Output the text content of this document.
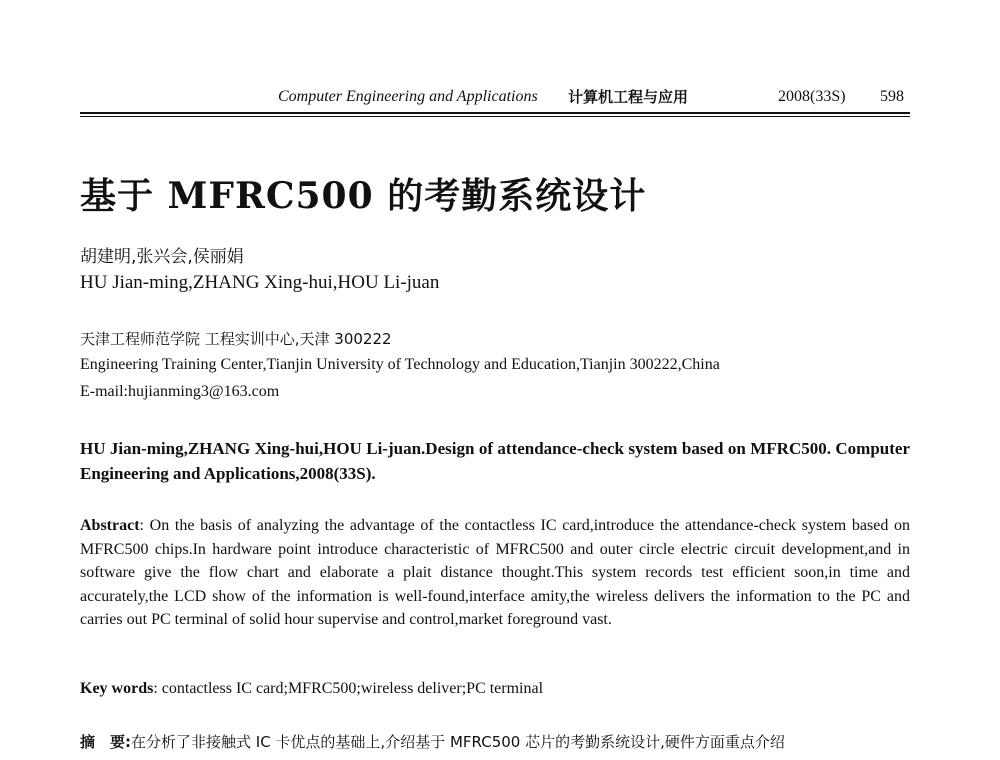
Computer Engineering and Applications 计算机工程与应用	2008(33S) 598
基于 MFRC500 的考勤系统设计
胡建明,张兴会,侯丽娟
HU Jian-ming,ZHANG Xing-hui,HOU Li-juan
天津工程师范学院 工程实训中心,天津 300222
Engineering Training Center,Tianjin University of Technology and Education,Tianjin 300222,China
E-mail:hujianming3@163.com
HU Jian-ming,ZHANG Xing-hui,HOU Li-juan.Design of attendance-check system based on MFRC500. Computer Engineering and Applications,2008(33S).
Abstract: On the basis of analyzing the advantage of the contactless IC card,introduce the attendance-check system based on MFRC500 chips.In hardware point introduce characteristic of MFRC500 and outer circle electric circuit development,and in software give the flow chart and elaborate a plait distance thought.This system records test efficient soon,in time and accurately,the LCD show of the information is well-found,interface amity,the wireless delivers the information to the PC and carries out PC terminal of solid hour supervise and control,market foreground vast.
Key words: contactless IC card;MFRC500;wireless deliver;PC terminal
摘　要:在分析了非接触式 IC 卡优点的基础上,介绍基于 MFRC500 芯片的考勤系统设计,硬件方面重点介绍
